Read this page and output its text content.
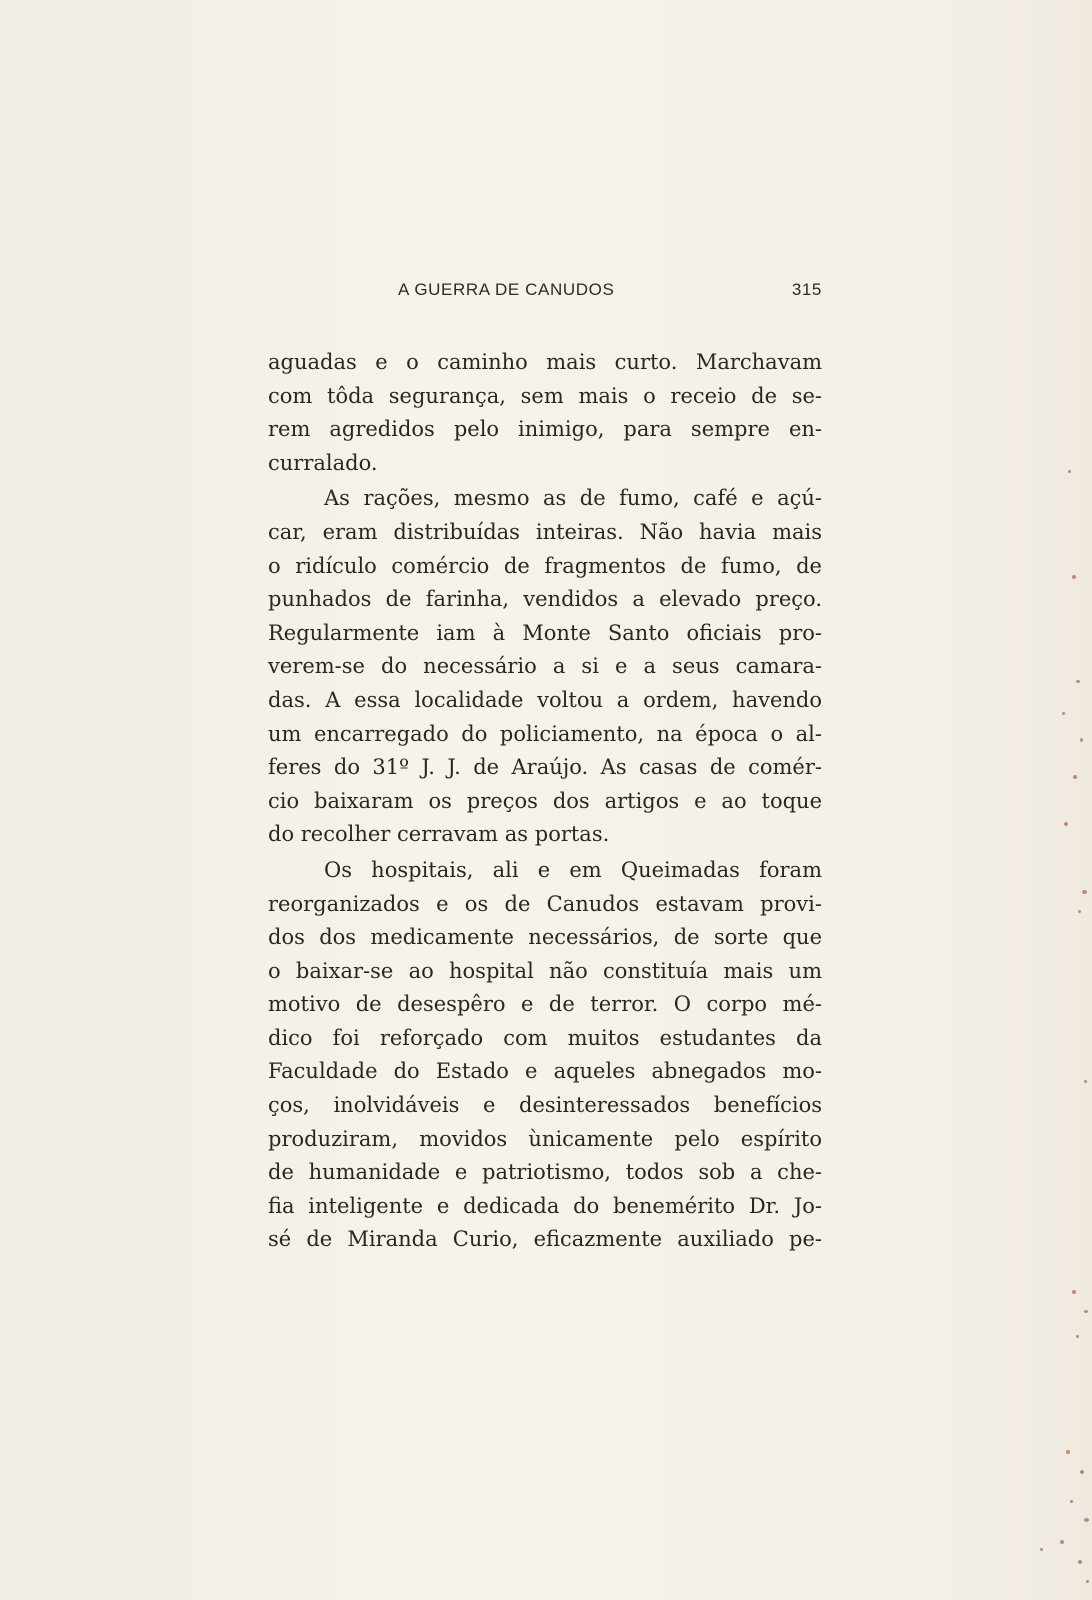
A GUERRA DE CANUDOS	315
aguadas e o caminho mais curto. Marchavam
com tôda segurança, sem mais o receio de se-
rem agredidos pelo inimigo, para sempre en-
curralado.
As rações, mesmo as de fumo, café e açú-
car, eram distribuídas inteiras. Não havia mais
o ridículo comércio de fragmentos de fumo, de
punhados de farinha, vendidos a elevado preço.
Regularmente iam à Monte Santo oficiais pro-
verem-se do necessário a si e a seus camara-
das. A essa localidade voltou a ordem, havendo
um encarregado do policiamento, na época o al-
feres do 31º J. J. de Araújo. As casas de comér-
cio baixaram os preços dos artigos e ao toque
do recolher cerravam as portas.
Os hospitais, ali e em Queimadas foram
reorganizados e os de Canudos estavam provi-
dos dos medicamente necessários, de sorte que
o baixar-se ao hospital não constituía mais um
motivo de desespêro e de terror. O corpo mé-
dico foi reforçado com muitos estudantes da
Faculdade do Estado e aqueles abnegados mo-
ços, inolvidáveis e desinteressados benefícios
produziram, movidos ùnicamente pelo espírito
de humanidade e patriotismo, todos sob a che-
fia inteligente e dedicada do benemérito Dr. Jo-
sé de Miranda Curio, eficazmente auxiliado pe-
